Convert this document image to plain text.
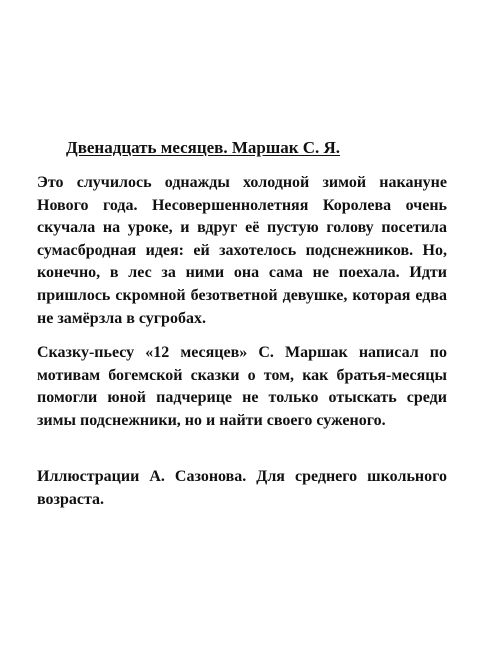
Двенадцать месяцев. Маршак С. Я.

Это случилось однажды холодной зимой накануне Нового года. Несовершеннолетняя Королева очень скучала на уроке, и вдруг её пустую голову посетила сумасбродная идея: ей захотелось подснежников. Но, конечно, в лес за ними она сама не поехала. Идти пришлось скромной безответной девушке, которая едва не замёрзла в сугробах.

Сказку-пьесу «12 месяцев» С. Маршак написал по мотивам богемской сказки о том, как братья-месяцы помогли юной падчерице не только отыскать среди зимы подснежники, но и найти своего суженого.

Иллюстрации А. Сазонова. Для среднего школьного возраста.
